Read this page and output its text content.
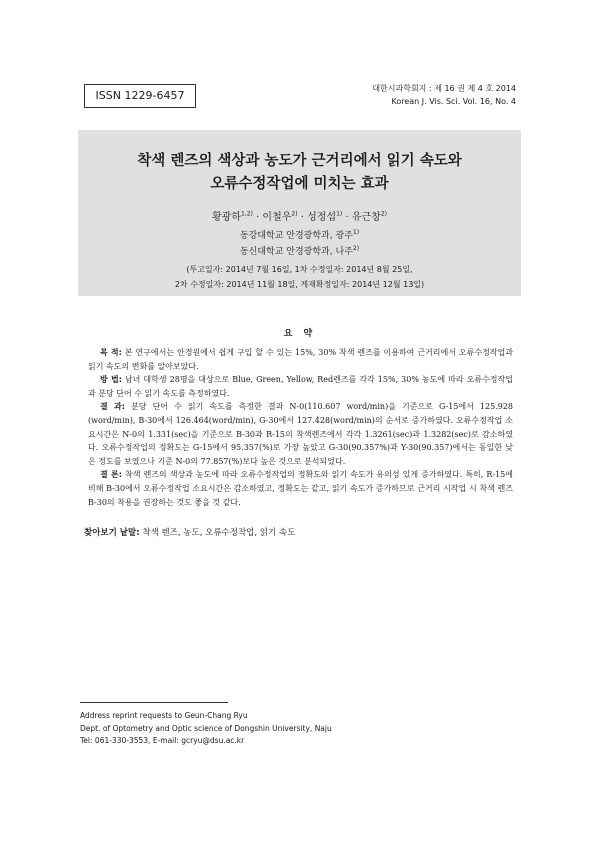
ISSN 1229-6457
대한시과학회지 : 제 16 권 제 4 호 2014
Korean J. Vis. Sci. Vol. 16, No. 4
착색 렌즈의 색상과 농도가 근거리에서 읽기 속도와
오류수정작업에 미치는 효과
황광하$^{1,2)}$ · 이철우$^{2)}$ · 성정섭$^{1)}$ · 유근창$^{2)}$
동강대학교 안경광학과, 광주$^{1)}$
동신대학교 안경광학과, 나주$^{2)}$
(투고일자: 2014년 7월 16일, 1차 수정일자: 2014년 8월 25일,
2차 수정일자: 2014년 11월 18일, 게재확정일자: 2014년 12월 13일)
요 약

목 적: 본 연구에서는 안경원에서 쉽게 구입 할 수 있는 15%, 30% 착색 렌즈를 이용하여 근거리에서 오류수정작업과 읽기 속도의 변화를 알아보았다.

방 법: 남녀 대학생 28명을 대상으로 Blue, Green, Yellow, Red렌즈를 각각 15%, 30% 농도에 따라 오류수정작업과 분당 단어 수 읽기 속도를 측정하였다.

결 과: 분당 단어 수 읽기 속도를 측정한 결과 N-0(110.607 word/min)을 기준으로 G-15에서 125.928 (word/min), B-30에서 126.464(word/min), G-30에서 127.428(word/min)의 순서로 증가하였다. 오류수정작업 소요시간은 N-0의 1.331(sec)을 기준으로 B-30과 R-15의 착색렌즈에서 각각 1.3261(sec)과 1.3282(sec)로 감소하였다. 오류수정작업의 정확도는 G-15에서 95.357(%)로 가장 높았고 G-30(90.357%)과 Y-30(90.357)에서는 동일한 낮은 정도를 보였으나 기준 N-0의 77.857(%)보다 높은 것으로 분석되었다.

결 론: 착색 렌즈의 색상과 농도에 따라 오류수정작업의 정확도와 읽기 속도가 유의성 있게 증가하였다. 특히, R-15에 비해 B-30에서 오류수정작업 소요시간은 감소하였고, 정확도는 같고, 읽기 속도가 증가하므로 근거리 시작업 시 착색 렌즈 B-30의 착용을 권장하는 것도 좋을 것 같다.

찾아보기 낱말: 착색 렌즈, 농도, 오류수정작업, 읽기 속도
Address reprint requests to Geun-Chang Ryu
Dept. of Optometry and Optic science of Dongshin University, Naju
Tel: 061-330-3553, E-mail: gcryu@dsu.ac.kr
